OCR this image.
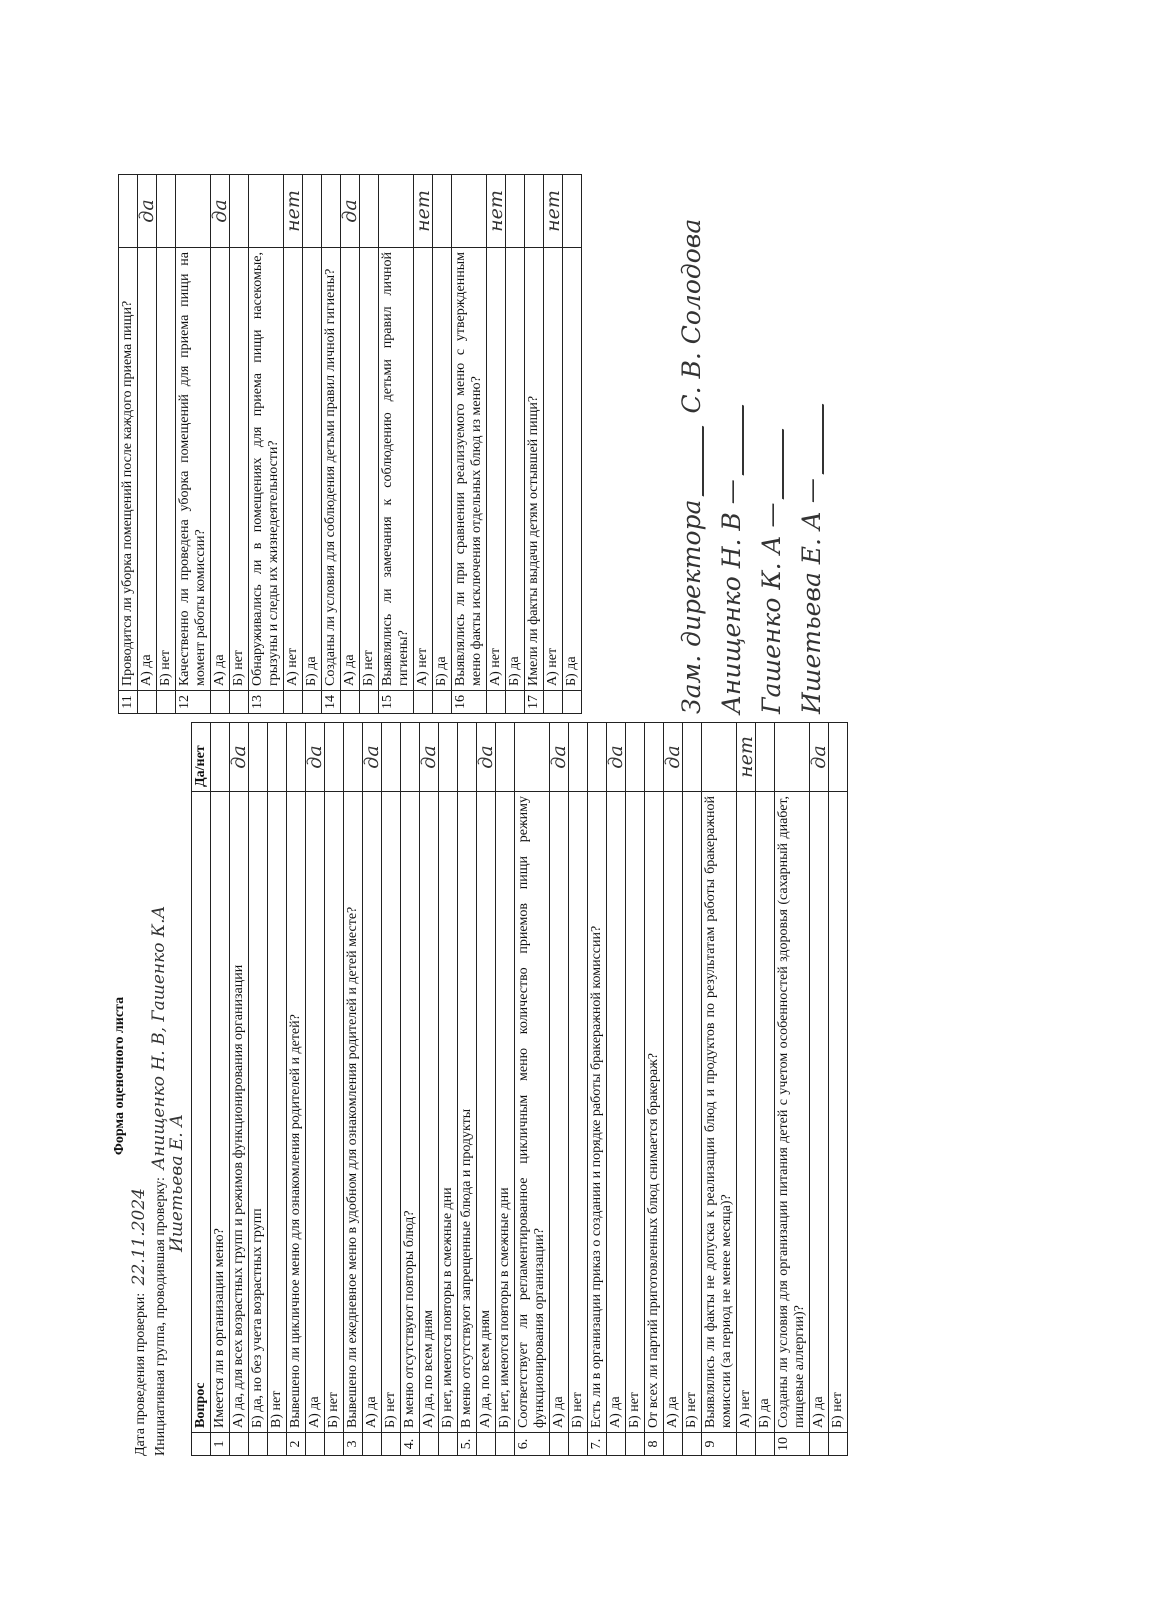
Форма оценочного листа
Дата проведения проверки: 22.11.2024 Инициативная группа, проводившая проверку: Анищенко Н. В, Гашенко К.А
Ишетьева Е. А
	Вопрос	Да/нет
1	Имеется ли в организации меню?	
	А) да, для всех возрастных групп и режимов функционирования организации	да
	Б) да, но без учета возрастных групп	
	В) нет	
2	Вывешено ли цикличное меню для ознакомления родителей и детей?	
	А) да	да
	Б) нет	
3	Вывешено ли ежедневное меню в удобном для ознакомления родителей и детей месте?	
	А) да	да
	Б) нет	
4.	В меню отсутствуют повторы блюд?	
	А) да, по всем дням	да
	Б) нет, имеются повторы в смежные дни	
5.	В меню отсутствуют запрещенные блюда и продукты	
	А) да, по всем дням	да
	Б) нет, имеются повторы в смежные дни	
6.	Соответствует ли регламентированное цикличным меню количество приемов пищи режиму функционирования организации?	
	А) да	да
	Б) нет	
7.	Есть ли в организации приказ о создании и порядке работы бракеражной комиссии?	
	А) да	да
	Б) нет	
8	От всех ли партий приготовленных блюд снимается бракераж?	
	А) да	да
	Б) нет	
9	Выявлялись ли факты не допуска к реализации блюд и продуктов по результатам работы бракеражной комиссии (за период не менее месяца)?	
	А) нет	нет
	Б) да	
10	Созданы ли условия для организации питания детей с учетом особенностей здоровья (сахарный диабет, пищевые аллергии)?	
	А) да	да
	Б) нет	
11	Проводится ли уборка помещений после каждого приема пищи?	
	А) да	да
	Б) нет	
12	Качественно ли проведена уборка помещений для приема пищи на момент работы комиссии?	
	А) да	да
	Б) нет	
13	Обнаруживались ли в помещениях для приема пищи насекомые, грызуны и следы их жизнедеятельности?	
	А) нет	нет
	Б) да	
14	Созданы ли условия для соблюдения детьми правил личной гигиены?	
	А) да	да
	Б) нет	
15	Выявлялись ли замечания к соблюдению детьми правил личной гигиены?	
	А) нет	нет
	Б) да	
16	Выявлялись ли при сравнении реализуемого меню с утвержденным меню факты исключения отдельных блюд из меню?	
	А) нет	нет
	Б) да	
17	Имели ли факты выдачи детям остывшей пищи?	
	А) нет	нет
	Б) да		Зам. директораС. В. Солодова
Анищенко Н. В — Гашенко К. А — Ишетьева Е. А —
